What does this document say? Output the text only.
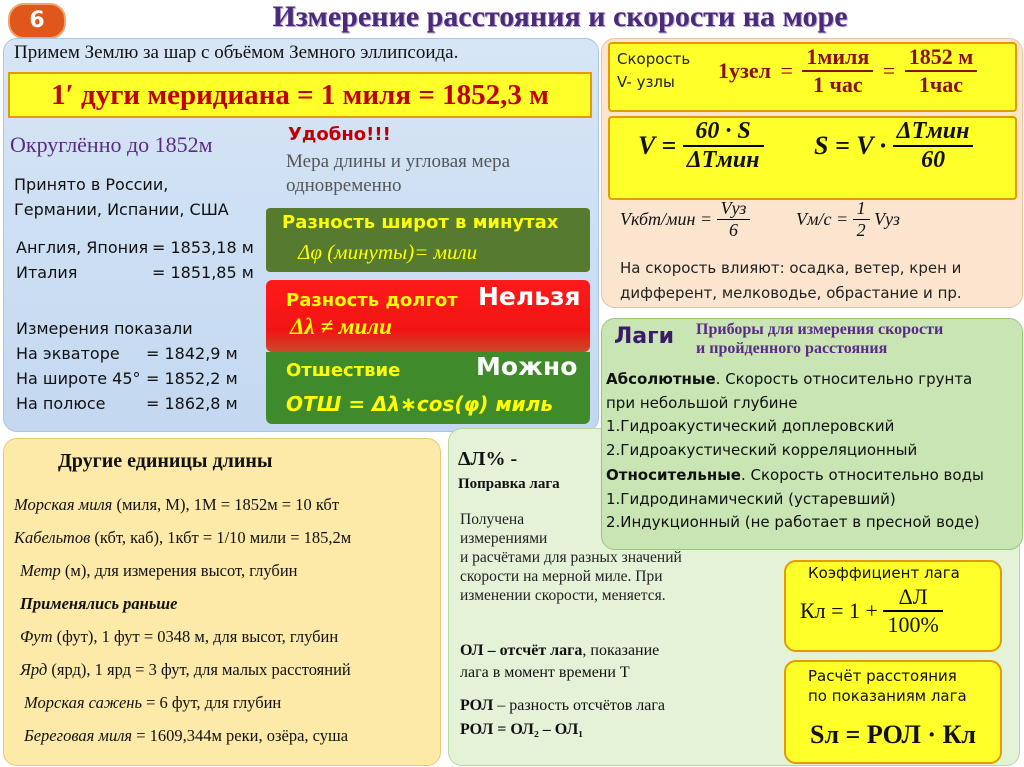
6	Измерение расстояния и скорости на море
Примем Землю за шар с объёмом Земного эллипсоида.
1′ дуги меридиана = 1 миля = 1852,3 м
Округлённо до 1852м
Принято в России,
Германии, Испании, США
Англия, Япония = 1853,18 м
Италия	= 1851,85 м
Измерения показали
На экваторе = 1842,9 м
На широте 45° = 1852,2 м
На полюсе	= 1862,8 м
Удобно!!!
Мера длины и угловая мера
одновременно
Разность широт в минутах
Δφ (минуты)= мили
Разность долгот Нельзя
Δλ ≠ мили
Отшествие	Можно
ОТШ = Δλ∗cos(φ) миль
Скорость
V- узлы	1узел = $\frac{\text{1миля}}{\text{1 час}} = \frac{1852 м}{\text{1час}}$
$V = \frac{60 \cdot S}{\text{ΔTмин}}$ $S = V \cdot \frac{\text{ΔTмин}}{60}$
Vкбт/мин = $\frac{\text{Vуз}}{6}$	$Vм/с = \frac{1}{2}$ Vуз
На скорость влияют: осадка, ветер, крен и
дифферент, мелководье, обрастание и пр.
Лаги Приборы для измерения скорости
и пройденного расстояния
Абсолютные. Скорость относительно грунта
при небольшой глубине
1.Гидроакустический доплеровский
2.Гидроакустический корреляционный
Относительные. Скорость относительно воды
1.Гидродинамический (устаревший)
2.Индукционный (не работает в пресной воде)
Другие единицы длины
Морская миля (миля, М), 1М = 1852м = 10 кбт
Кабельтов (кбт, каб), 1кбт = 1/10 мили = 185,2м
Метр (м), для измерения высот, глубин
Применялись раньше
Фут (фут), 1 фут = 0348 м, для высот, глубин
Ярд (ярд), 1 ярд = 3 фут, для малых расстояний
Морская сажень = 6 фут, для глубин
Береговая миля = 1609,344м реки, озёра, суша
ΔЛ% -
Поправка лага
Получена
измерениями
и расчётами для разных значений
скорости на мерной миле. При
изменении скорости, меняется.
ОЛ – отсчёт лага, показание
лага в момент времени Т
РОЛ – разность отсчётов лага
РОЛ = ОЛ₂ – ОЛ₁
Коэффициент лага
Кл = $1 + \frac{\Delta Л}{100\%}$
Расчёт расстояния
по показаниям лага
Sл = РОЛ · Кл
